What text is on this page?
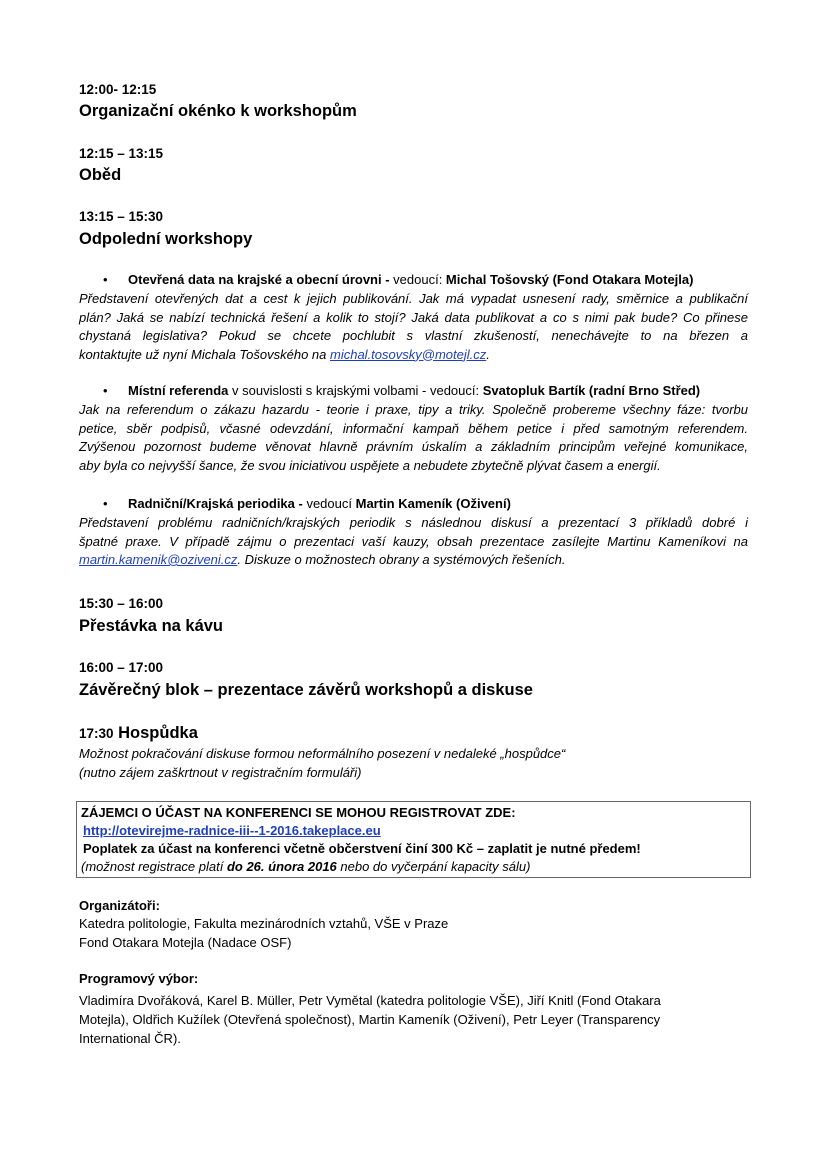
12:00- 12:15
Organizační okénko k workshopům
12:15 – 13:15
Oběd
13:15 – 15:30
Odpolední workshopy
• Otevřená data na krajské a obecní úrovni - vedoucí: Michal Tošovský (Fond Otakara Motejla)
Představení otevřených dat a cest k jejich publikování. Jak má vypadat usnesení rady, směrnice a publikační
plán? Jaká se nabízí technická řešení a kolik to stojí? Jaká data publikovat a co s nimi pak bude? Co přinese
chystaná legislativa? Pokud se chcete pochlubit s vlastní zkušeností, nenechávejte to na březen a
kontaktujte už nyní Michala Tošovského na michal.tosovsky@motejl.cz.
• Místní referenda v souvislosti s krajskými volbami - vedoucí: Svatopluk Bartík (radní Brno Střed)
Jak na referendum o zákazu hazardu - teorie i praxe, tipy a triky. Společně probereme všechny fáze: tvorbu
petice, sběr podpisů, včasné odevzdání, informační kampaň během petice i před samotným referendem.
Zvýšenou pozornost budeme věnovat hlavně právním úskalím a základním principům veřejné komunikace,
aby byla co nejvyšší šance, že svou iniciativou uspějete a nebudete zbytečně plývat časem a energií.
• Radniční/Krajská periodika - vedoucí Martin Kameník (Oživení)
Představení problému radničních/krajských periodik s následnou diskusí a prezentací 3 příkladů dobré i
špatné praxe. V případě zájmu o prezentaci vaší kauzy, obsah prezentace zasílejte Martinu Kameníkovi na
martin.kamenik@oziveni.cz. Diskuze o možnostech obrany a systémových řešeních.
15:30 – 16:00
Přestávka na kávu
16:00 – 17:00
Závěrečný blok – prezentace závěrů workshopů a diskuse
17:30 Hospůdka
Možnost pokračování diskuse formou neformálního posezení v nedaleké „hospůdce“
(nutno zájem zaškrtnout v registračním formuláři)
ZÁJEMCI O ÚČAST NA KONFERENCI SE MOHOU REGISTROVAT ZDE:
http://otevirejme-radnice-iii--1-2016.takeplace.eu
Poplatek za účast na konferenci včetně občerstvení činí 300 Kč – zaplatit je nutné předem!
(možnost registrace platí do 26. února 2016 nebo do vyčerpání kapacity sálu)
Organizátoři:
Katedra politologie, Fakulta mezinárodních vztahů, VŠE v Praze
Fond Otakara Motejla (Nadace OSF)
Programový výbor:
Vladimíra Dvořáková, Karel B. Müller, Petr Vymětal (katedra politologie VŠE), Jiří Knitl (Fond Otakara
Motejla), Oldřich Kužílek (Otevřená společnost), Martin Kameník (Oživení), Petr Leyer (Transparency
International ČR).
